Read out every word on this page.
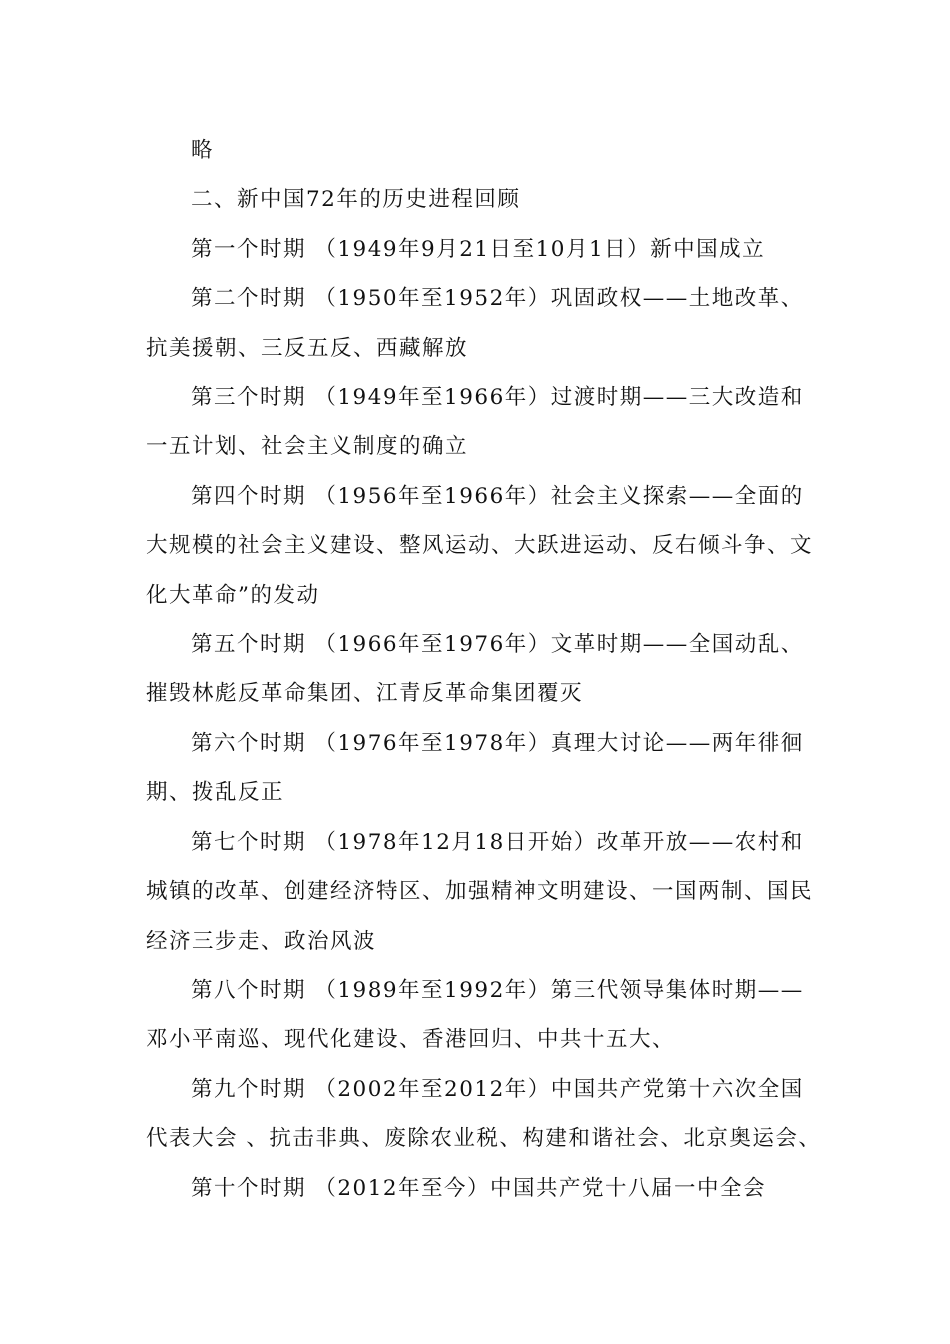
略

二、新中国72年的历史进程回顾

第一个时期 （1949年9月21日至10月1日）新中国成立

第二个时期 （1950年至1952年）巩固政权——土地改革、抗美援朝、三反五反、西藏解放

第三个时期 （1949年至1966年）过渡时期——三大改造和一五计划、社会主义制度的确立

第四个时期 （1956年至1966年）社会主义探索——全面的大规模的社会主义建设、整风运动、大跃进运动、反右倾斗争、文化大革命”的发动

第五个时期 （1966年至1976年）文革时期——全国动乱、摧毁林彪反革命集团、江青反革命集团覆灭

第六个时期 （1976年至1978年）真理大讨论——两年徘徊期、拨乱反正

第七个时期 （1978年12月18日开始）改革开放——农村和城镇的改革、创建经济特区、加强精神文明建设、一国两制、国民经济三步走、政治风波

第八个时期 （1989年至1992年）第三代领导集体时期——邓小平南巡、现代化建设、香港回归、中共十五大、

第九个时期 （2002年至2012年）中国共产党第十六次全国代表大会 、抗击非典、废除农业税、构建和谐社会、北京奥运会、

第十个时期 （2012年至今）中国共产党十八届一中全会
